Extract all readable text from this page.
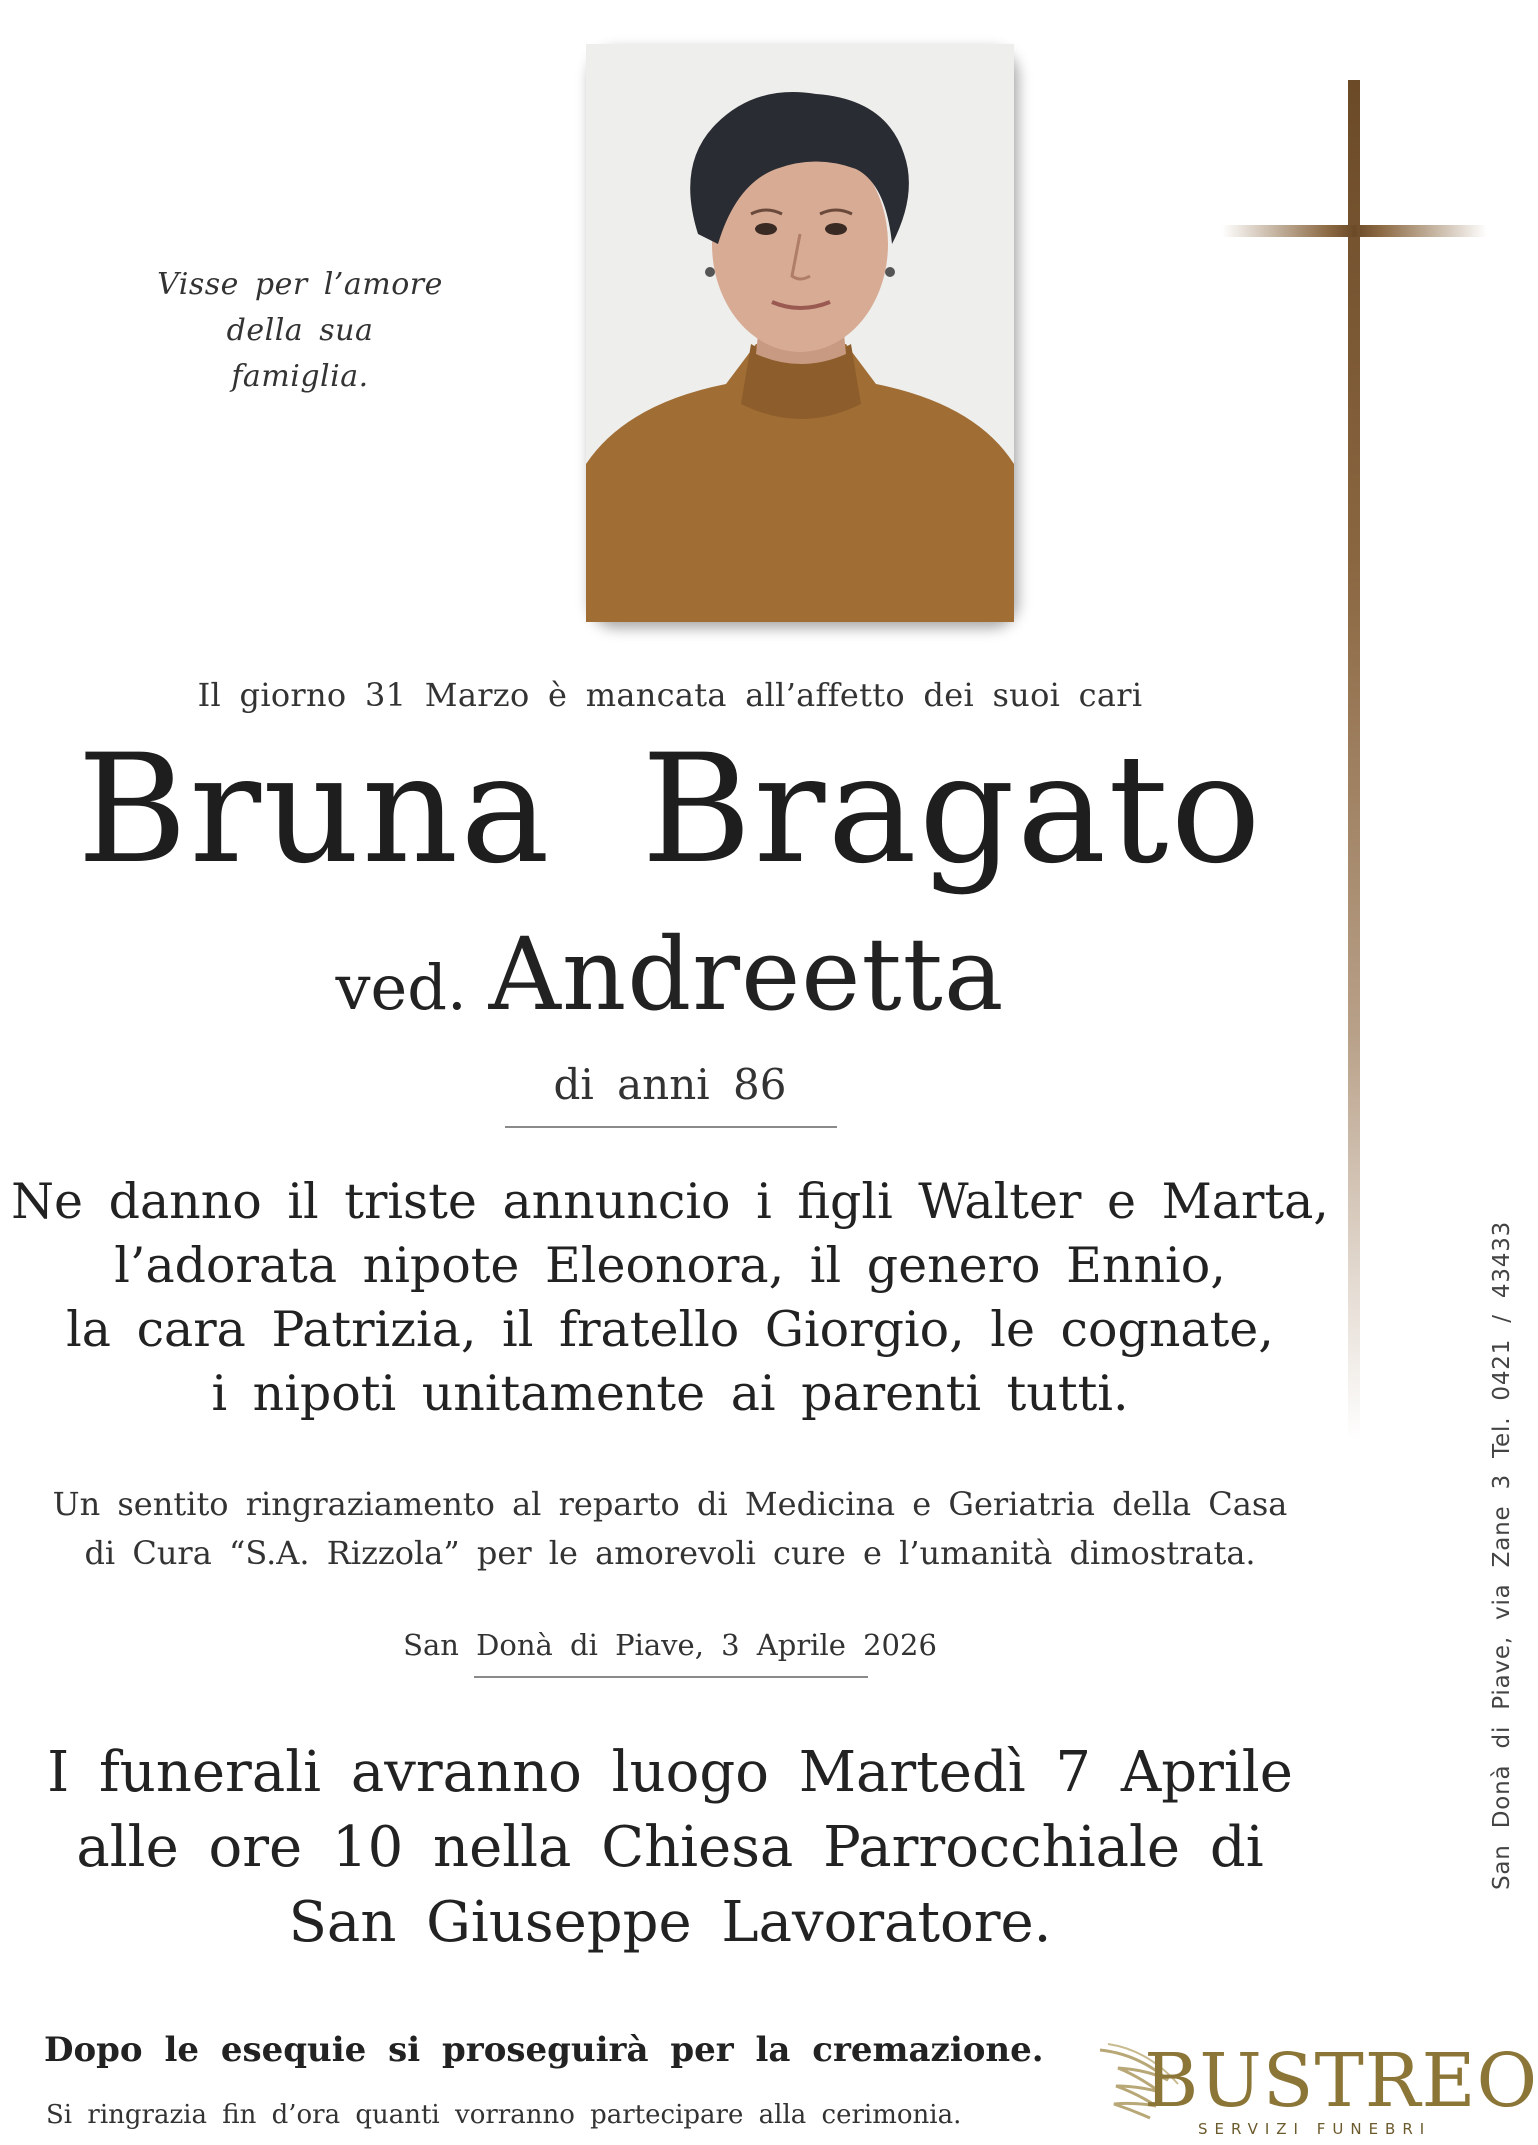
Visse per l’amore
della sua famiglia.
Il giorno 31 Marzo è mancata all’affetto dei suoi cari
Bruna Bragato
ved. Andreetta
di anni 86
Ne danno il triste annuncio i figli Walter e Marta,
l’adorata nipote Eleonora, il genero Ennio,
la cara Patrizia, il fratello Giorgio, le cognate,
i nipoti unitamente ai parenti tutti.
Un sentito ringraziamento al reparto di Medicina e Geriatria della Casa
di Cura “S.A. Rizzola” per le amorevoli cure e l’umanità dimostrata.
San Donà di Piave, 3 Aprile 2026
I funerali avranno luogo Martedì 7 Aprile
alle ore 10 nella Chiesa Parrocchiale di
San Giuseppe Lavoratore.
Dopo le esequie si proseguirà per la cremazione.
Si ringrazia fin d’ora quanti vorranno partecipare alla cerimonia.
San Donà di Piave, via Zane 3 Tel. 0421 / 43433
BUSTREO
SERVIZI FUNEBRI
